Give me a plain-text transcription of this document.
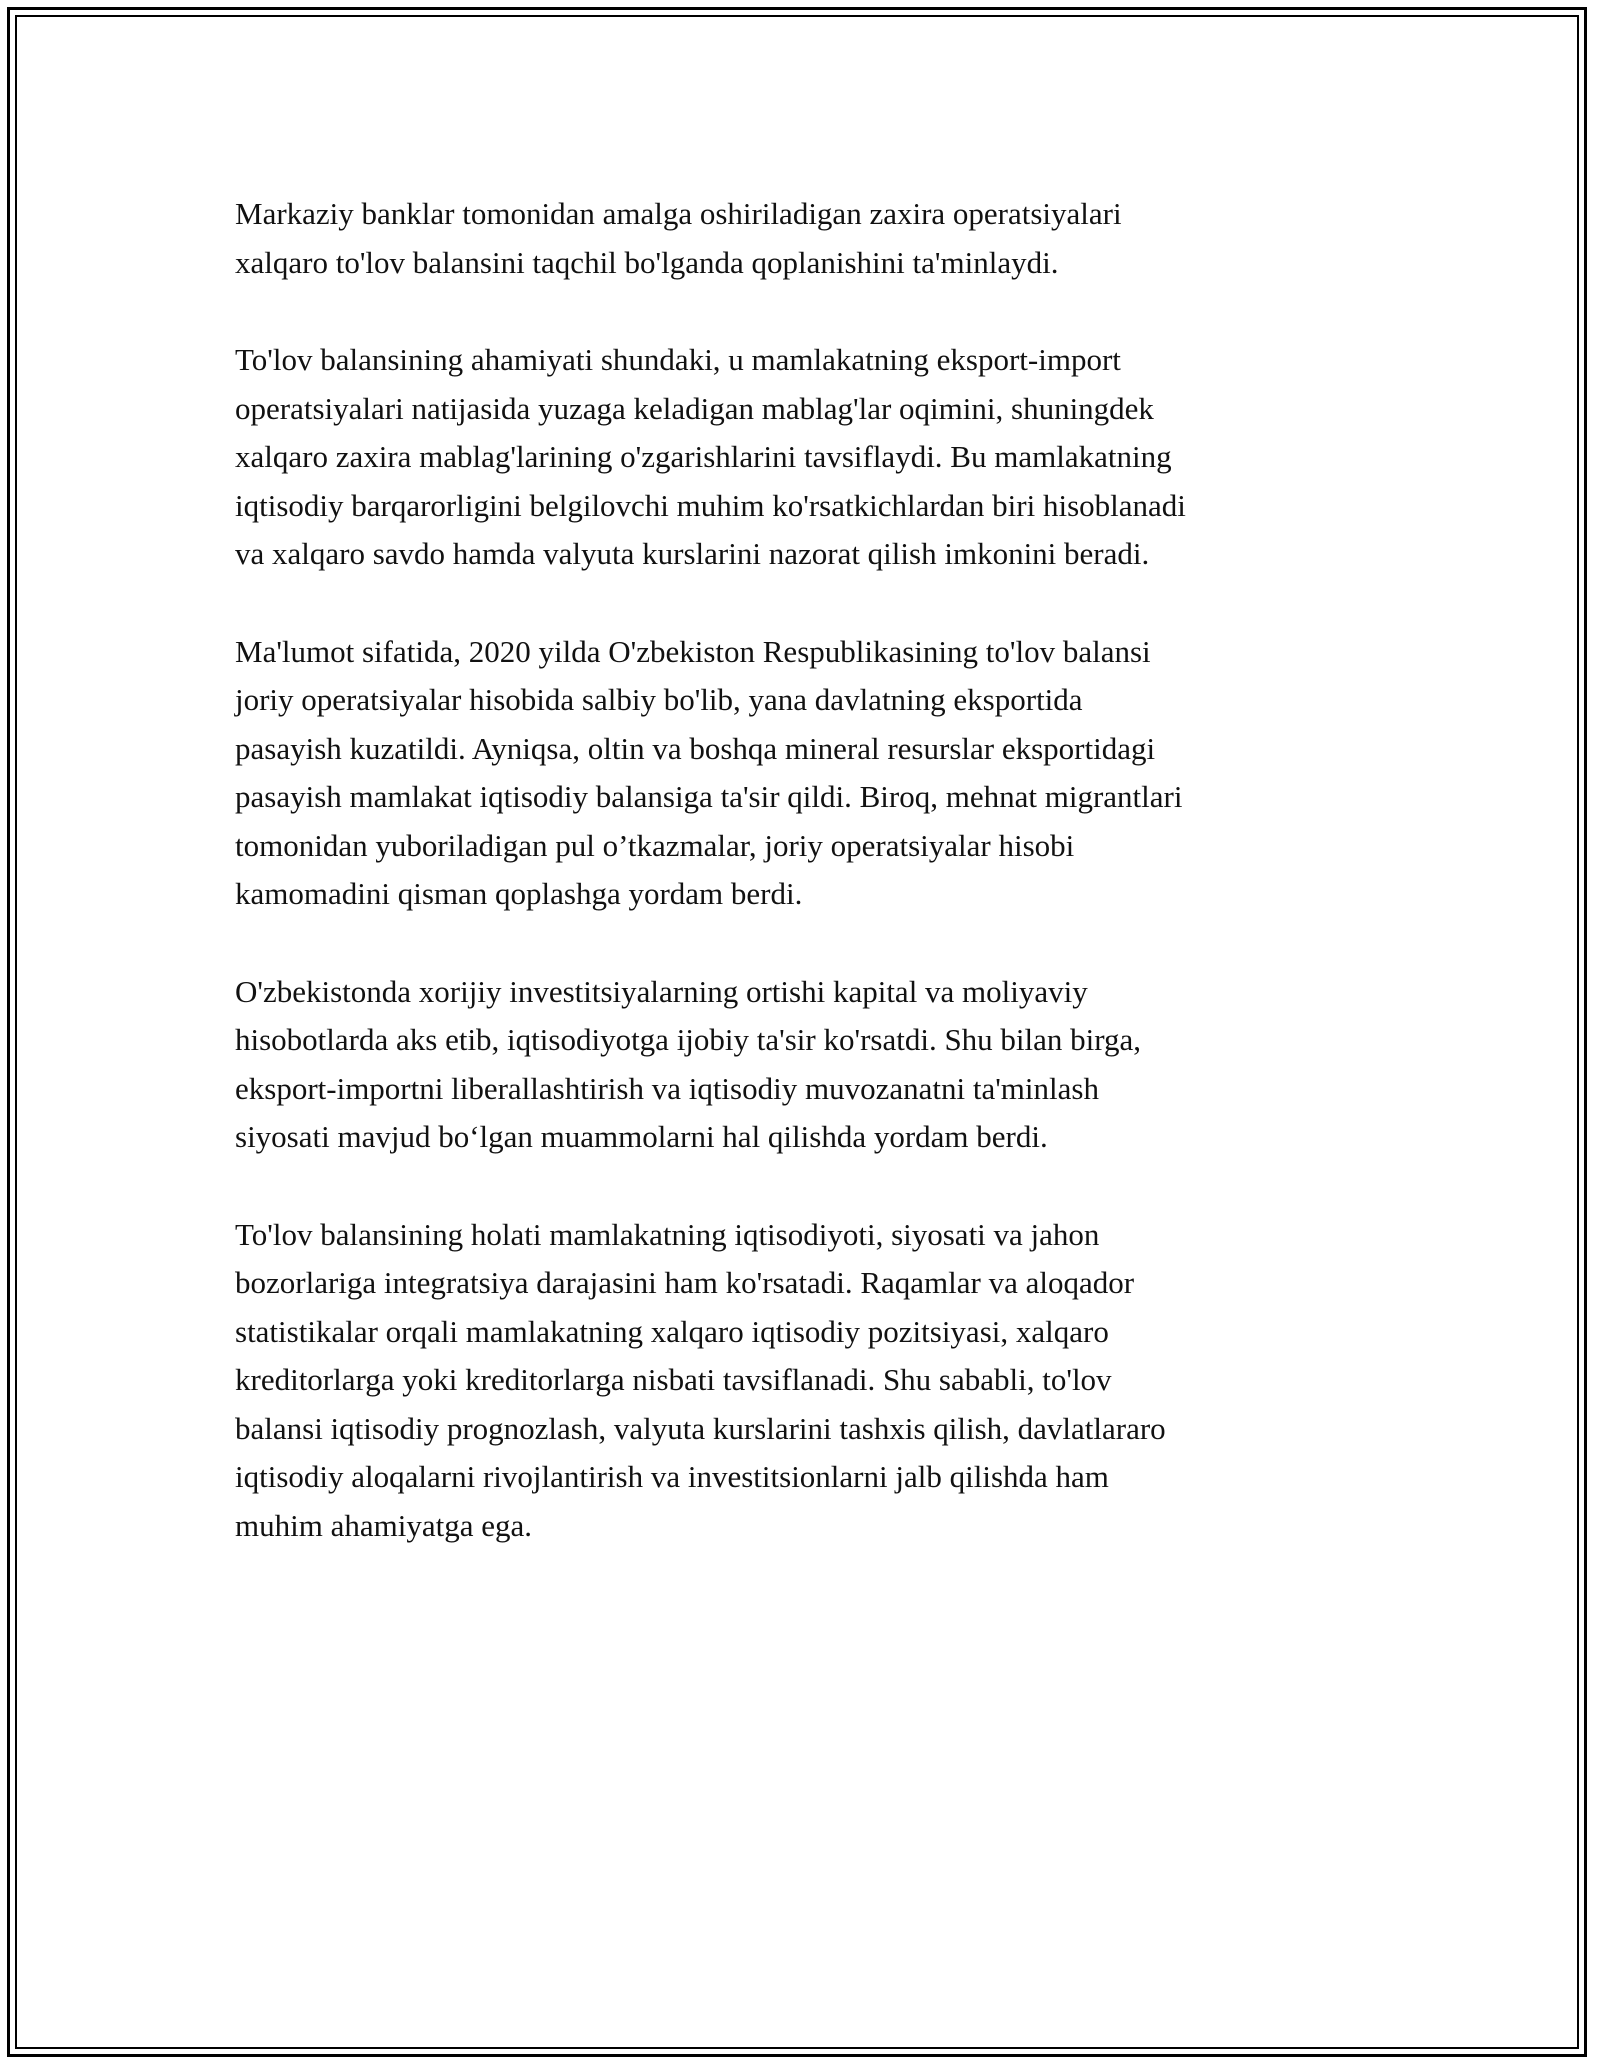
Markaziy banklar tomonidan amalga oshiriladigan zaxira operatsiyalari
xalqaro to'lov balansini taqchil bo'lganda qoplanishini ta'minlaydi.

To'lov balansining ahamiyati shundaki, u mamlakatning eksport-import
operatsiyalari natijasida yuzaga keladigan mablag'lar oqimini, shuningdek
xalqaro zaxira mablag'larining o'zgarishlarini tavsiflaydi. Bu mamlakatning
iqtisodiy barqarorligini belgilovchi muhim ko'rsatkichlardan biri hisoblanadi
va xalqaro savdo hamda valyuta kurslarini nazorat qilish imkonini beradi.

Ma'lumot sifatida, 2020 yilda O'zbekiston Respublikasining to'lov balansi
joriy operatsiyalar hisobida salbiy bo'lib, yana davlatning eksportida
pasayish kuzatildi. Ayniqsa, oltin va boshqa mineral resurslar eksportidagi
pasayish mamlakat iqtisodiy balansiga ta'sir qildi. Biroq, mehnat migrantlari
tomonidan yuboriladigan pul o’tkazmalar, joriy operatsiyalar hisobi
kamomadini qisman qoplashga yordam berdi.

O'zbekistonda xorijiy investitsiyalarning ortishi kapital va moliyaviy
hisobotlarda aks etib, iqtisodiyotga ijobiy ta'sir ko'rsatdi. Shu bilan birga,
eksport-importni liberallashtirish va iqtisodiy muvozanatni ta'minlash
siyosati mavjud bo‘lgan muammolarni hal qilishda yordam berdi.

To'lov balansining holati mamlakatning iqtisodiyoti, siyosati va jahon
bozorlariga integratsiya darajasini ham ko'rsatadi. Raqamlar va aloqador
statistikalar orqali mamlakatning xalqaro iqtisodiy pozitsiyasi, xalqaro
kreditorlarga yoki kreditorlarga nisbati tavsiflanadi. Shu sababli, to'lov
balansi iqtisodiy prognozlash, valyuta kurslarini tashxis qilish, davlatlararo
iqtisodiy aloqalarni rivojlantirish va investitsionlarni jalb qilishda ham
muhim ahamiyatga ega.
